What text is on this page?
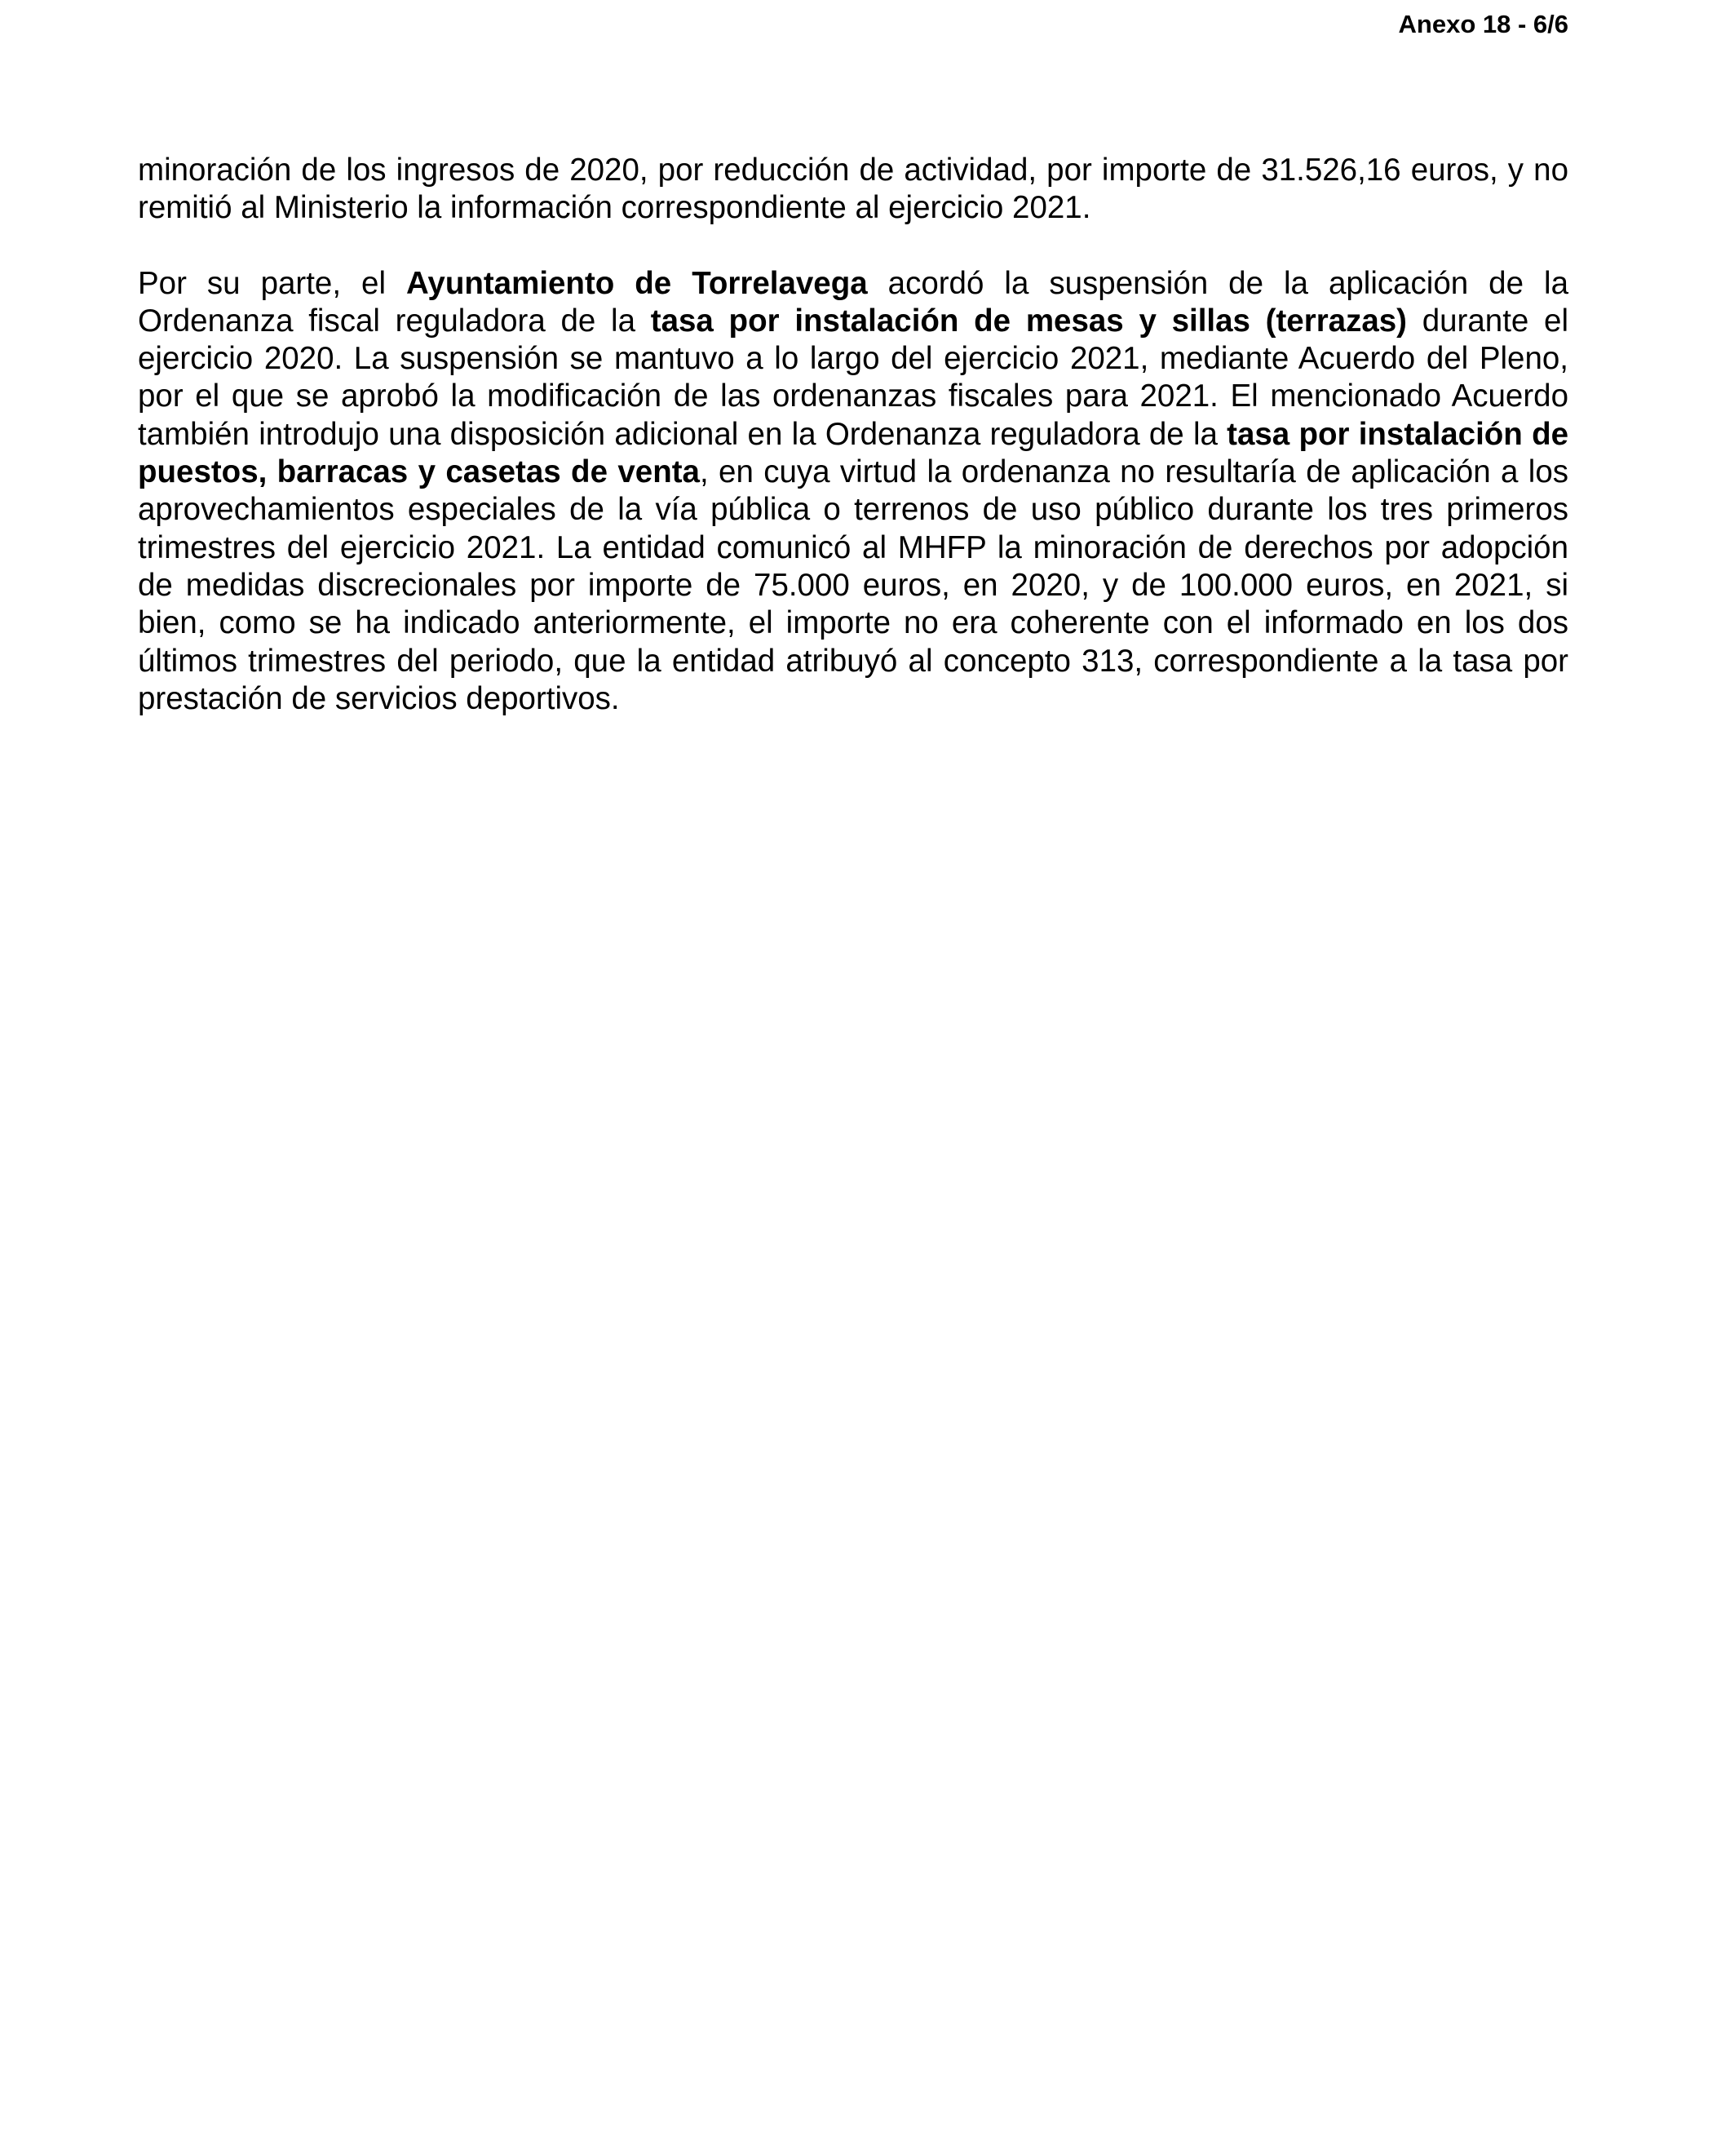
Anexo 18 - 6/6

minoración de los ingresos de 2020, por reducción de actividad, por importe de 31.526,16 euros, y no remitió al Ministerio la información correspondiente al ejercicio 2021.

Por su parte, el Ayuntamiento de Torrelavega acordó la suspensión de la aplicación de la Ordenanza fiscal reguladora de la tasa por instalación de mesas y sillas (terrazas) durante el ejercicio 2020. La suspensión se mantuvo a lo largo del ejercicio 2021, mediante Acuerdo del Pleno, por el que se aprobó la modificación de las ordenanzas fiscales para 2021. El mencionado Acuerdo también introdujo una disposición adicional en la Ordenanza reguladora de la tasa por instalación de puestos, barracas y casetas de venta, en cuya virtud la ordenanza no resultaría de aplicación a los aprovechamientos especiales de la vía pública o terrenos de uso público durante los tres primeros trimestres del ejercicio 2021. La entidad comunicó al MHFP la minoración de derechos por adopción de medidas discrecionales por importe de 75.000 euros, en 2020, y de 100.000 euros, en 2021, si bien, como se ha indicado anteriormente, el importe no era coherente con el informado en los dos últimos trimestres del periodo, que la entidad atribuyó al concepto 313, correspondiente a la tasa por prestación de servicios deportivos.
